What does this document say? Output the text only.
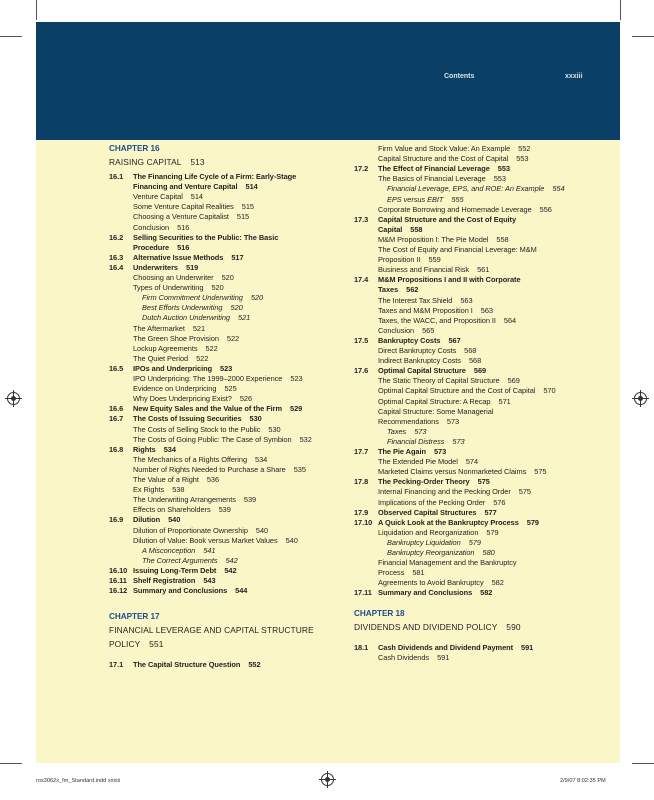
Contents	xxxiii
CHAPTER 16
RAISING CAPITAL  513
16.1 The Financing Life Cycle of a Firm: Early-Stage
Financing and Venture Capital  514
Venture Capital  514
Some Venture Capital Realities  515
Choosing a Venture Capitalist  515
Conclusion  516
16.2 Selling Securities to the Public: The Basic
Procedure  516
16.3 Alternative Issue Methods  517
16.4 Underwriters  519
Choosing an Underwriter  520
Types of Underwriting  520
Firm Commitment Underwriting  520
Best Efforts Underwriting  520
Dutch Auction Underwriting  521
The Aftermarket  521
The Green Shoe Provision  522
Lockup Agreements  522
The Quiet Period  522
16.5 IPOs and Underpricing  523
IPO Underpricing: The 1999–2000 Experience  523
Evidence on Underpricing  525
Why Does Underpricing Exist?  526
16.6 New Equity Sales and the Value of the Firm  529
16.7 The Costs of Issuing Securities  530
The Costs of Selling Stock to the Public  530
The Costs of Going Public: The Case of Symbion  532
16.8 Rights  534
The Mechanics of a Rights Offering  534
Number of Rights Needed to Purchase a Share  535
The Value of a Right  536
Ex Rights  538
The Underwriting Arrangements  539
Effects on Shareholders  539
16.9 Dilution  540
Dilution of Proportionate Ownership  540
Dilution of Value: Book versus Market Values  540
A Misconception  541
The Correct Arguments  542
16.10 Issuing Long-Term Debt  542
16.11 Shelf Registration  543
16.12 Summary and Conclusions  544
CHAPTER 17
FINANCIAL LEVERAGE AND CAPITAL STRUCTURE
POLICY  551
17.1 The Capital Structure Question  552
Firm Value and Stock Value: An Example  552
Capital Structure and the Cost of Capital  553
17.2 The Effect of Financial Leverage  553
The Basics of Financial Leverage  553
Financial Leverage, EPS, and ROE: An Example  554
EPS versus EBIT  555
Corporate Borrowing and Homemade Leverage  556
17.3 Capital Structure and the Cost of Equity
Capital  558
M&M Proposition I: The Pie Model  558
The Cost of Equity and Financial Leverage: M&M
Proposition II  559
Business and Financial Risk  561
17.4 M&M Propositions I and II with Corporate
Taxes  562
The Interest Tax Shield  563
Taxes and M&M Proposition I  563
Taxes, the WACC, and Proposition II  564
Conclusion  565
17.5 Bankruptcy Costs  567
Direct Bankruptcy Costs  568
Indirect Bankruptcy Costs  568
17.6 Optimal Capital Structure  569
The Static Theory of Capital Structure  569
Optimal Capital Structure and the Cost of Capital  570
Optimal Capital Structure: A Recap  571
Capital Structure: Some Managerial
Recommendations  573
Taxes  573
Financial Distress  573
17.7 The Pie Again  573
The Extended Pie Model  574
Marketed Claims versus Nonmarketed Claims  575
17.8 The Pecking-Order Theory  575
Internal Financing and the Pecking Order  575
Implications of the Pecking Order  576
17.9 Observed Capital Structures  577
17.10 A Quick Look at the Bankruptcy Process  579
Liquidation and Reorganization  579
Bankruptcy Liquidation  579
Bankruptcy Reorganization  580
Financial Management and the Bankruptcy
Process  581
Agreements to Avoid Bankruptcy  582
17.11 Summary and Conclusions  582
CHAPTER 18
DIVIDENDS AND DIVIDEND POLICY  590
18.1 Cash Dividends and Dividend Payment  591
Cash Dividends  591
ros3062x_fm_Standard.indd xxxiii	2/9/07 8:02:35 PM
